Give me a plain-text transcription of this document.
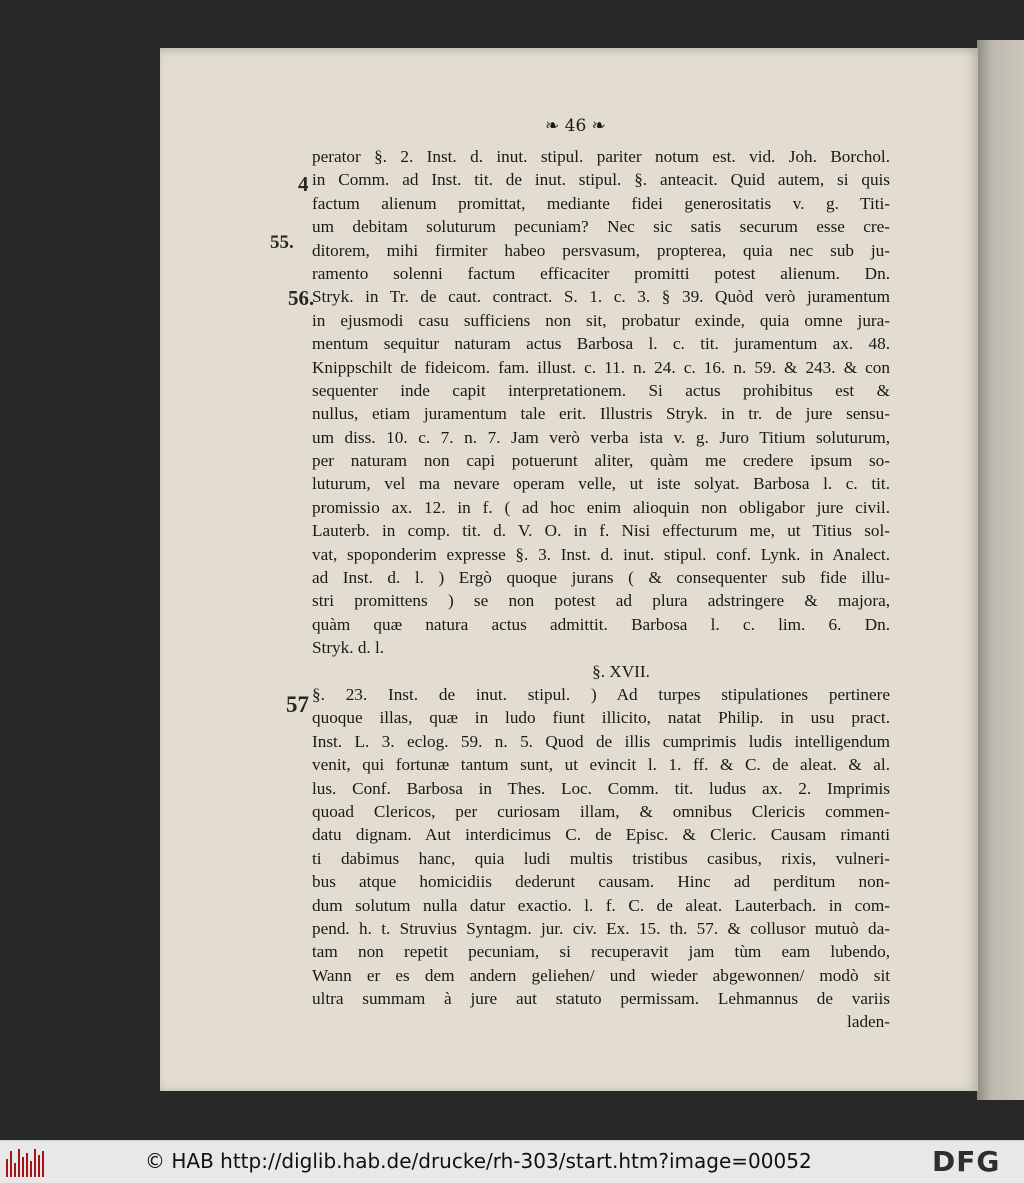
❧ 46 ❧
4
55.
56.
57
perator §. 2. Inst. d. inut. stipul. pariter notum est. vid. Joh. Borchol.
in Comm. ad Inst. tit. de inut. stipul. §. anteacit. Quid autem, si quis
factum alienum promittat, mediante fidei generositatis v. g. Titi-
um debitam soluturum pecuniam? Nec sic satis securum esse cre-
ditorem, mihi firmiter habeo persvasum, propterea, quia nec sub ju-
ramento solenni factum efficaciter promitti potest alienum. Dn.
Stryk. in Tr. de caut. contract. S. 1. c. 3. § 39. Quòd verò juramentum
in ejusmodi casu sufficiens non sit, probatur exinde, quia omne jura-
mentum sequitur naturam actus Barbosa l. c. tit. juramentum ax. 48.
Knippschilt de fideicom. fam. illust. c. 11. n. 24. c. 16. n. 59. & 243. & con
sequenter inde capit interpretationem. Si actus prohibitus est &
nullus, etiam juramentum tale erit. Illustris Stryk. in tr. de jure sensu-
um diss. 10. c. 7. n. 7. Jam verò verba ista v. g. Juro Titium soluturum,
per naturam non capi potuerunt aliter, quàm me credere ipsum so-
luturum, vel ma nevare operam velle, ut iste solyat. Barbosa l. c. tit.
promissio ax. 12. in f. ( ad hoc enim alioquin non obligabor jure civil.
Lauterb. in comp. tit. d. V. O. in f. Nisi effecturum me, ut Titius sol-
vat, spoponderim expresse §. 3. Inst. d. inut. stipul. conf. Lynk. in Analect.
ad Inst. d. l. ) Ergò quoque jurans ( & consequenter sub fide illu-
stri promittens ) se non potest ad plura adstringere & majora,
quàm quæ natura actus admittit. Barbosa l. c. lim. 6. Dn.
Stryk. d. l.
§. XVII.
§. 23. Inst. de inut. stipul. ) Ad turpes stipulationes pertinere
quoque illas, quæ in ludo fiunt illicito, natat Philip. in usu pract.
Inst. L. 3. eclog. 59. n. 5. Quod de illis cumprimis ludis intelligendum
venit, qui fortunæ tantum sunt, ut evincit l. 1. ff. & C. de aleat. & al.
lus. Conf. Barbosa in Thes. Loc. Comm. tit. ludus ax. 2. Imprimis
quoad Clericos, per curiosam illam, & omnibus Clericis commen-
datu dignam. Aut interdicimus C. de Episc. & Cleric. Causam rimanti
ti dabimus hanc, quia ludi multis tristibus casibus, rixis, vulneri-
bus atque homicidiis dederunt causam. Hinc ad perditum non-
dum solutum nulla datur exactio. l. f. C. de aleat. Lauterbach. in com-
pend. h. t. Struvius Syntagm. jur. civ. Ex. 15. th. 57. & collusor mutuò da-
tam non repetit pecuniam, si recuperavit jam tùm eam lubendo,
Wann er es dem andern geliehen/ und wieder abgewonnen/ modò sit
ultra summam à jure aut statuto permissam. Lehmannus de variis
laden-
© HAB http://diglib.hab.de/drucke/rh-303/start.htm?image=00052	DFG
